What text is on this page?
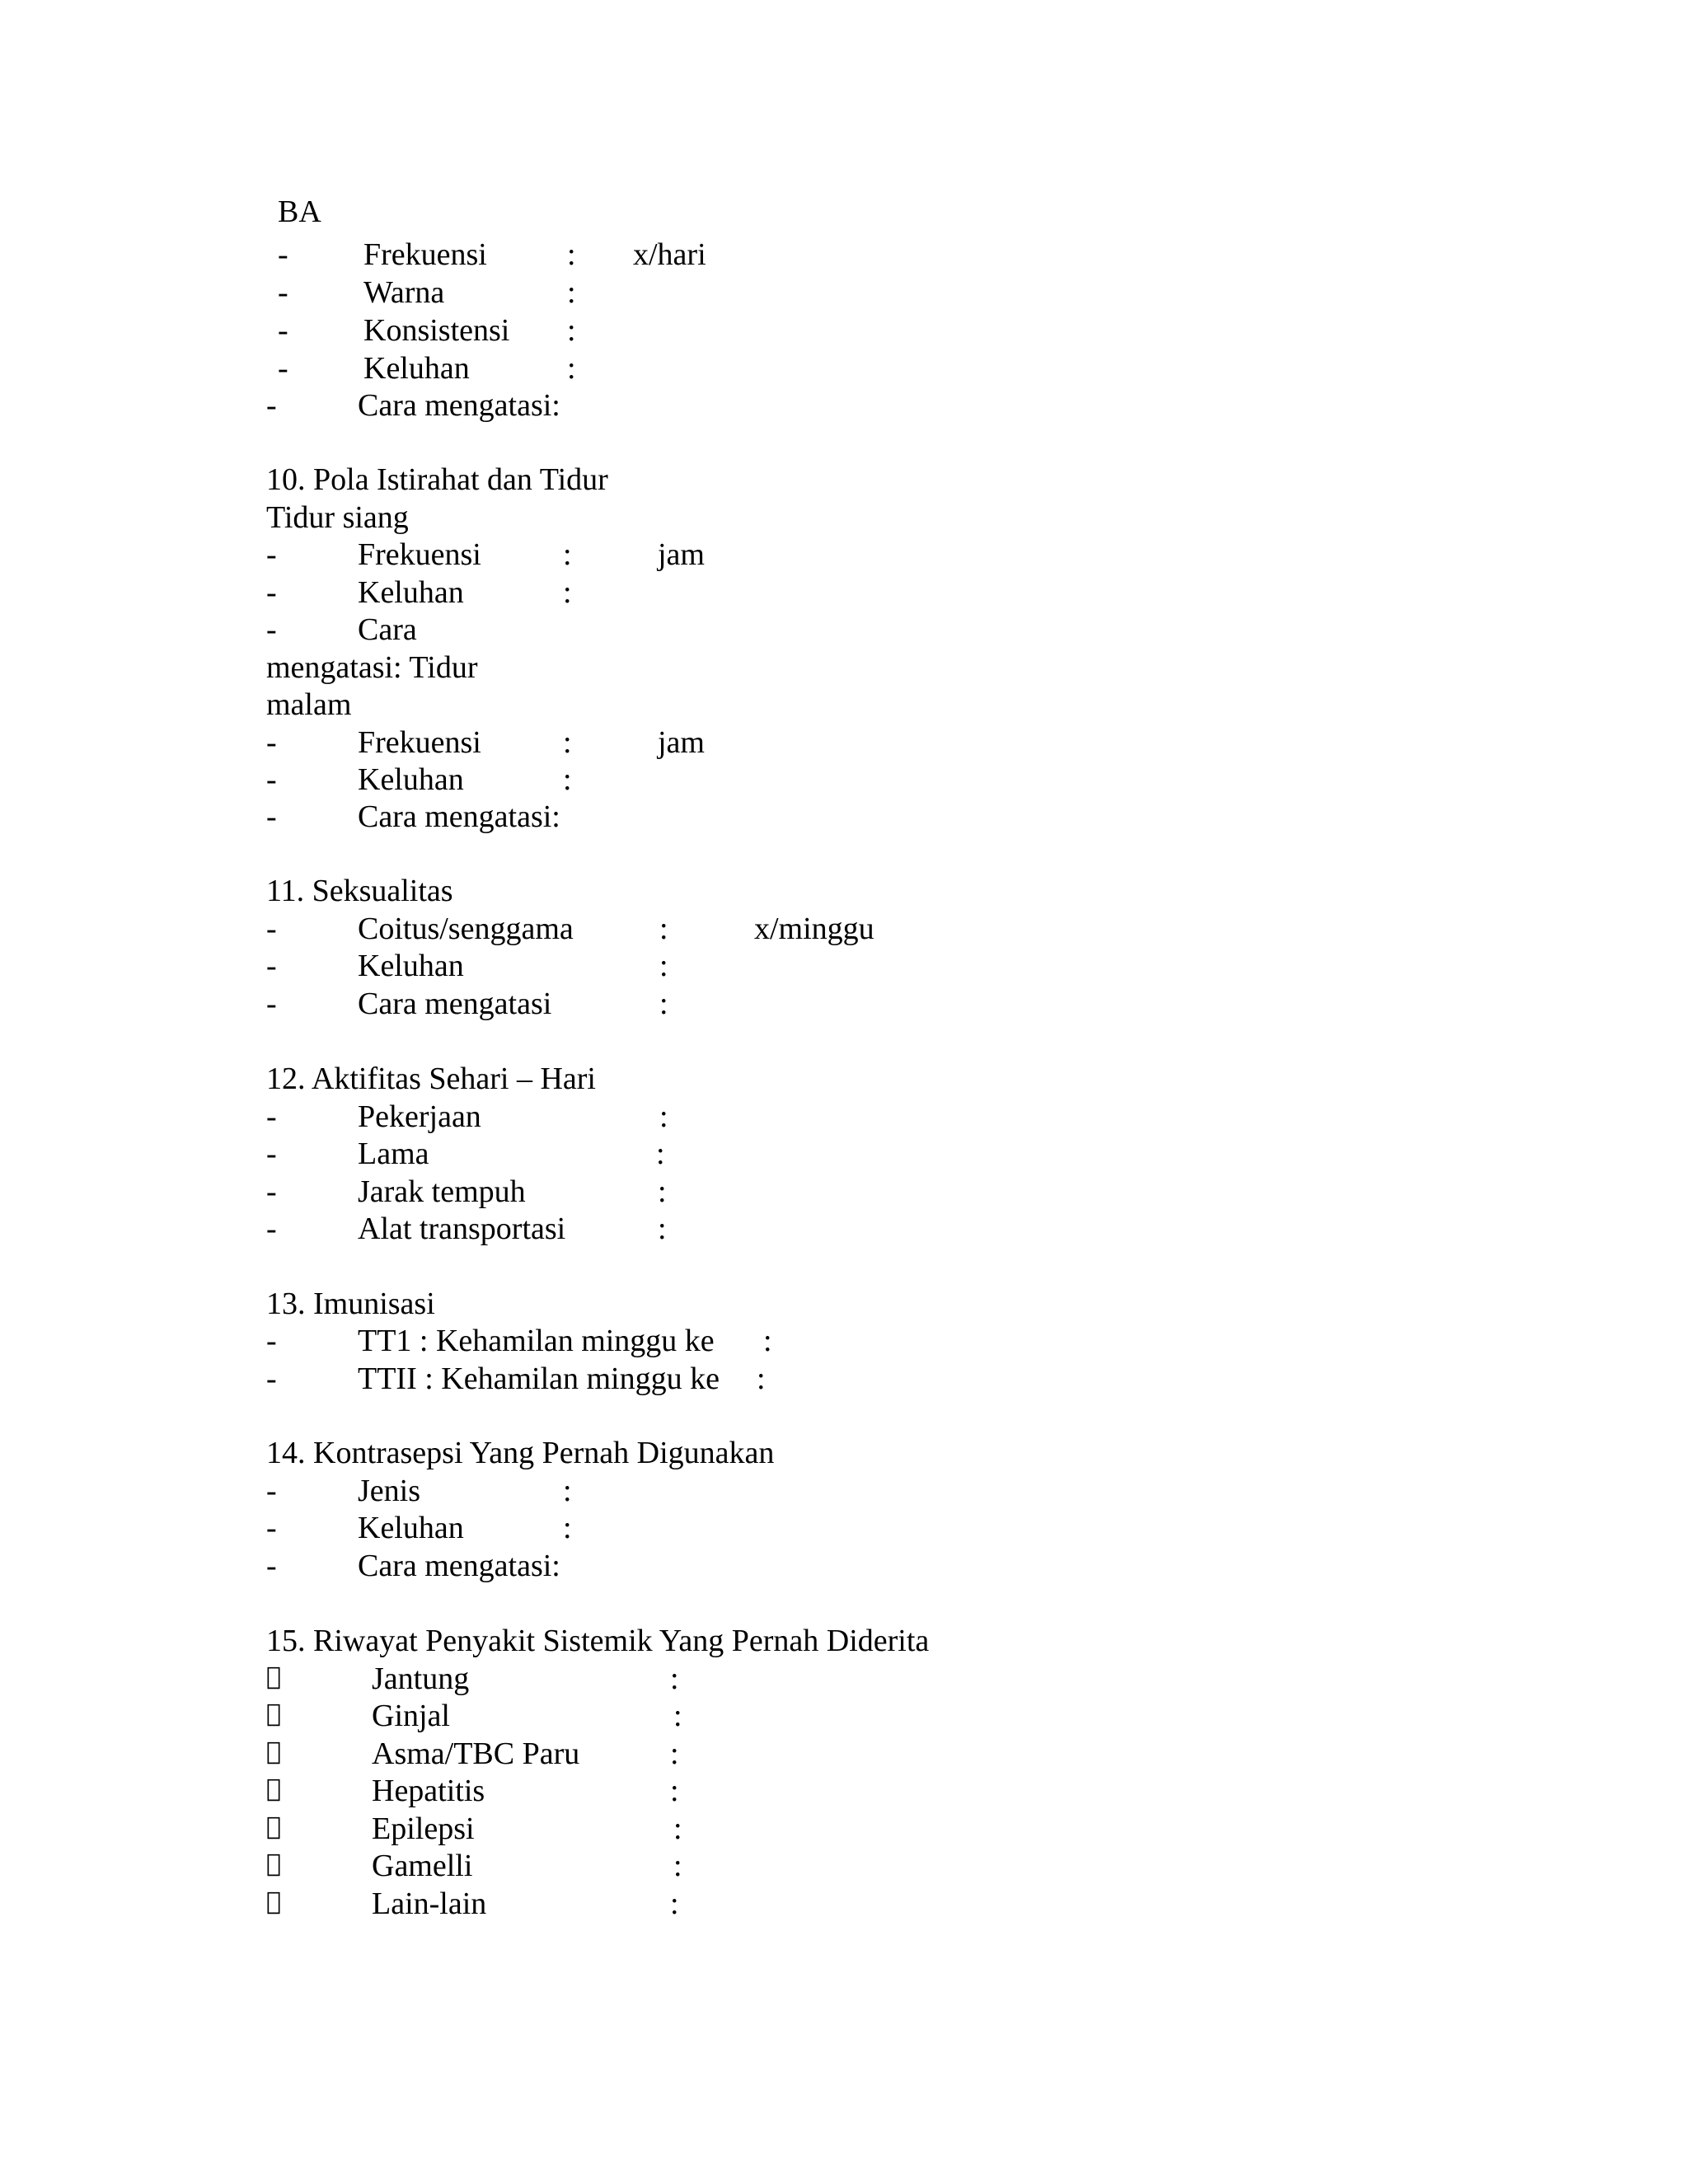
BA
- Frekuensi	: x/hari
- Warna	:
- Konsistensi :
- Keluhan	:
-	Cara mengatasi:
10. Pola Istirahat dan Tidur
Tidur siang
-	Frekuensi	:	jam
-	Keluhan	:
-	Cara
mengatasi: Tidur
malam
-	Frekuensi	:	jam
-	Keluhan	:
-	Cara mengatasi:
11. Seksualitas
-	Coitus/senggama	:	x/minggu
-	Keluhan	:
-	Cara mengatasi	:
12. Aktifitas Sehari – Hari
-	Pekerjaan	:
-	Lama	:
-	Jarak tempuh	:
-	Alat transportasi	:
13. Imunisasi
-	TT1 : Kehamilan minggu ke :
-	TTII : Kehamilan minggu ke :
14. Kontrasepsi Yang Pernah Digunakan
-	Jenis	:
-	Keluhan	:
-	Cara mengatasi:
15. Riwayat Penyakit Sistemik Yang Pernah Diderita
Jantung	:
Ginjal	:
Asma/TBC Paru	:
Hepatitis	:
Epilepsi	:
Gamelli	:
Lain-lain	:
